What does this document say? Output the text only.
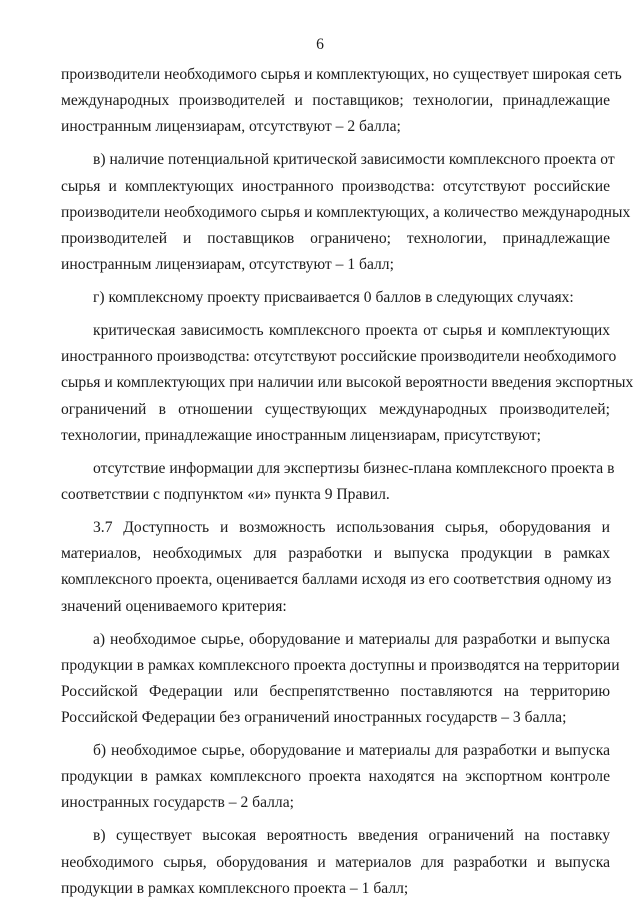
6

производители необходимого сырья и комплектующих, но существует широкая сеть
международных производителей и поставщиков; технологии, принадлежащие
иностранным лицензиарам, отсутствуют – 2 балла;

в) наличие потенциальной критической зависимости комплексного проекта от
сырья и комплектующих иностранного производства: отсутствуют российские
производители необходимого сырья и комплектующих, а количество международных
производителей и поставщиков ограничено; технологии, принадлежащие
иностранным лицензиарам, отсутствуют – 1 балл;

г) комплексному проекту присваивается 0 баллов в следующих случаях:

критическая зависимость комплексного проекта от сырья и комплектующих
иностранного производства: отсутствуют российские производители необходимого
сырья и комплектующих при наличии или высокой вероятности введения экспортных
ограничений в отношении существующих международных производителей;
технологии, принадлежащие иностранным лицензиарам, присутствуют;

отсутствие информации для экспертизы бизнес-плана комплексного проекта в
соответствии с подпунктом «и» пункта 9 Правил.

3.7 Доступность и возможность использования сырья, оборудования и
материалов, необходимых для разработки и выпуска продукции в рамках
комплексного проекта, оценивается баллами исходя из его соответствия одному из
значений оцениваемого критерия:

а) необходимое сырье, оборудование и материалы для разработки и выпуска
продукции в рамках комплексного проекта доступны и производятся на территории
Российской Федерации или беспрепятственно поставляются на территорию
Российской Федерации без ограничений иностранных государств – 3 балла;

б) необходимое сырье, оборудование и материалы для разработки и выпуска
продукции в рамках комплексного проекта находятся на экспортном контроле
иностранных государств – 2 балла;

в) существует высокая вероятность введения ограничений на поставку
необходимого сырья, оборудования и материалов для разработки и выпуска
продукции в рамках комплексного проекта – 1 балл;
